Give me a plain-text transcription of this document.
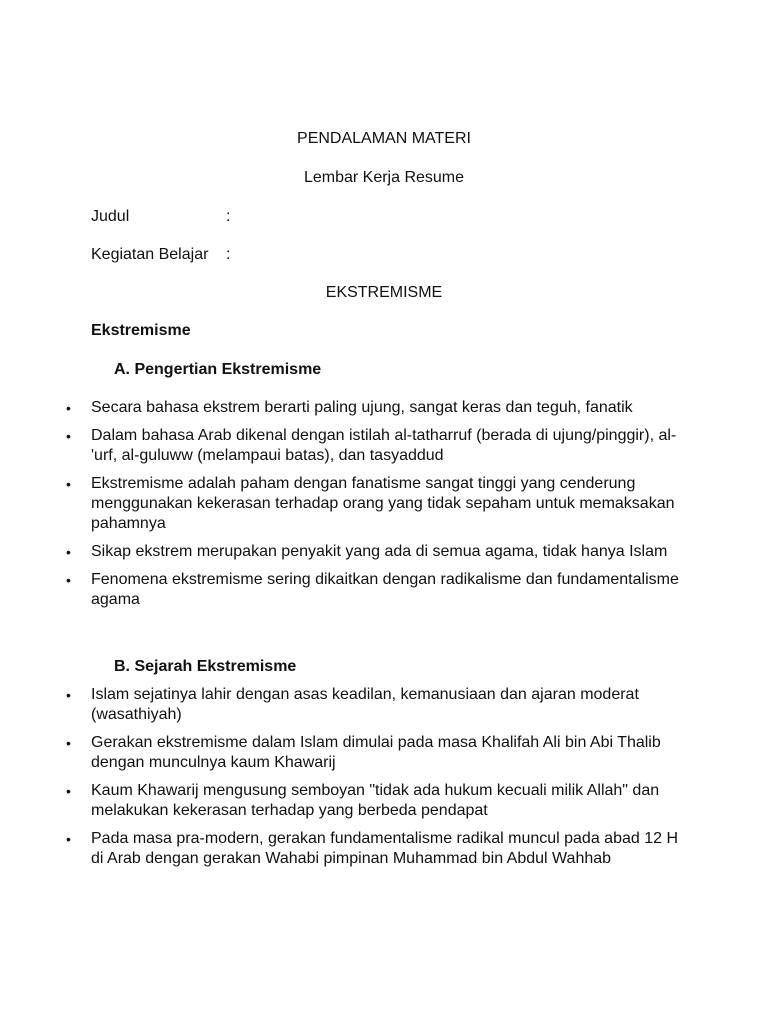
PENDALAMAN MATERI
Lembar Kerja Resume
Judul	:
Kegiatan Belajar :
EKSTREMISME
Ekstremisme
A. Pengertian Ekstremisme
• Secara bahasa ekstrem berarti paling ujung, sangat keras dan teguh, fanatik
• Dalam bahasa Arab dikenal dengan istilah al-tatharruf (berada di ujung/pinggir), al-'urf, al-guluww (melampaui batas), dan tasyaddud
• Ekstremisme adalah paham dengan fanatisme sangat tinggi yang cenderung menggunakan kekerasan terhadap orang yang tidak sepaham untuk memaksakan pahamnya
• Sikap ekstrem merupakan penyakit yang ada di semua agama, tidak hanya Islam
• Fenomena ekstremisme sering dikaitkan dengan radikalisme dan fundamentalisme agama
B. Sejarah Ekstremisme
• Islam sejatinya lahir dengan asas keadilan, kemanusiaan dan ajaran moderat (wasathiyah)
• Gerakan ekstremisme dalam Islam dimulai pada masa Khalifah Ali bin Abi Thalib dengan munculnya kaum Khawarij
• Kaum Khawarij mengusung semboyan "tidak ada hukum kecuali milik Allah" dan melakukan kekerasan terhadap yang berbeda pendapat
• Pada masa pra-modern, gerakan fundamentalisme radikal muncul pada abad 12 H di Arab dengan gerakan Wahabi pimpinan Muhammad bin Abdul Wahhab
